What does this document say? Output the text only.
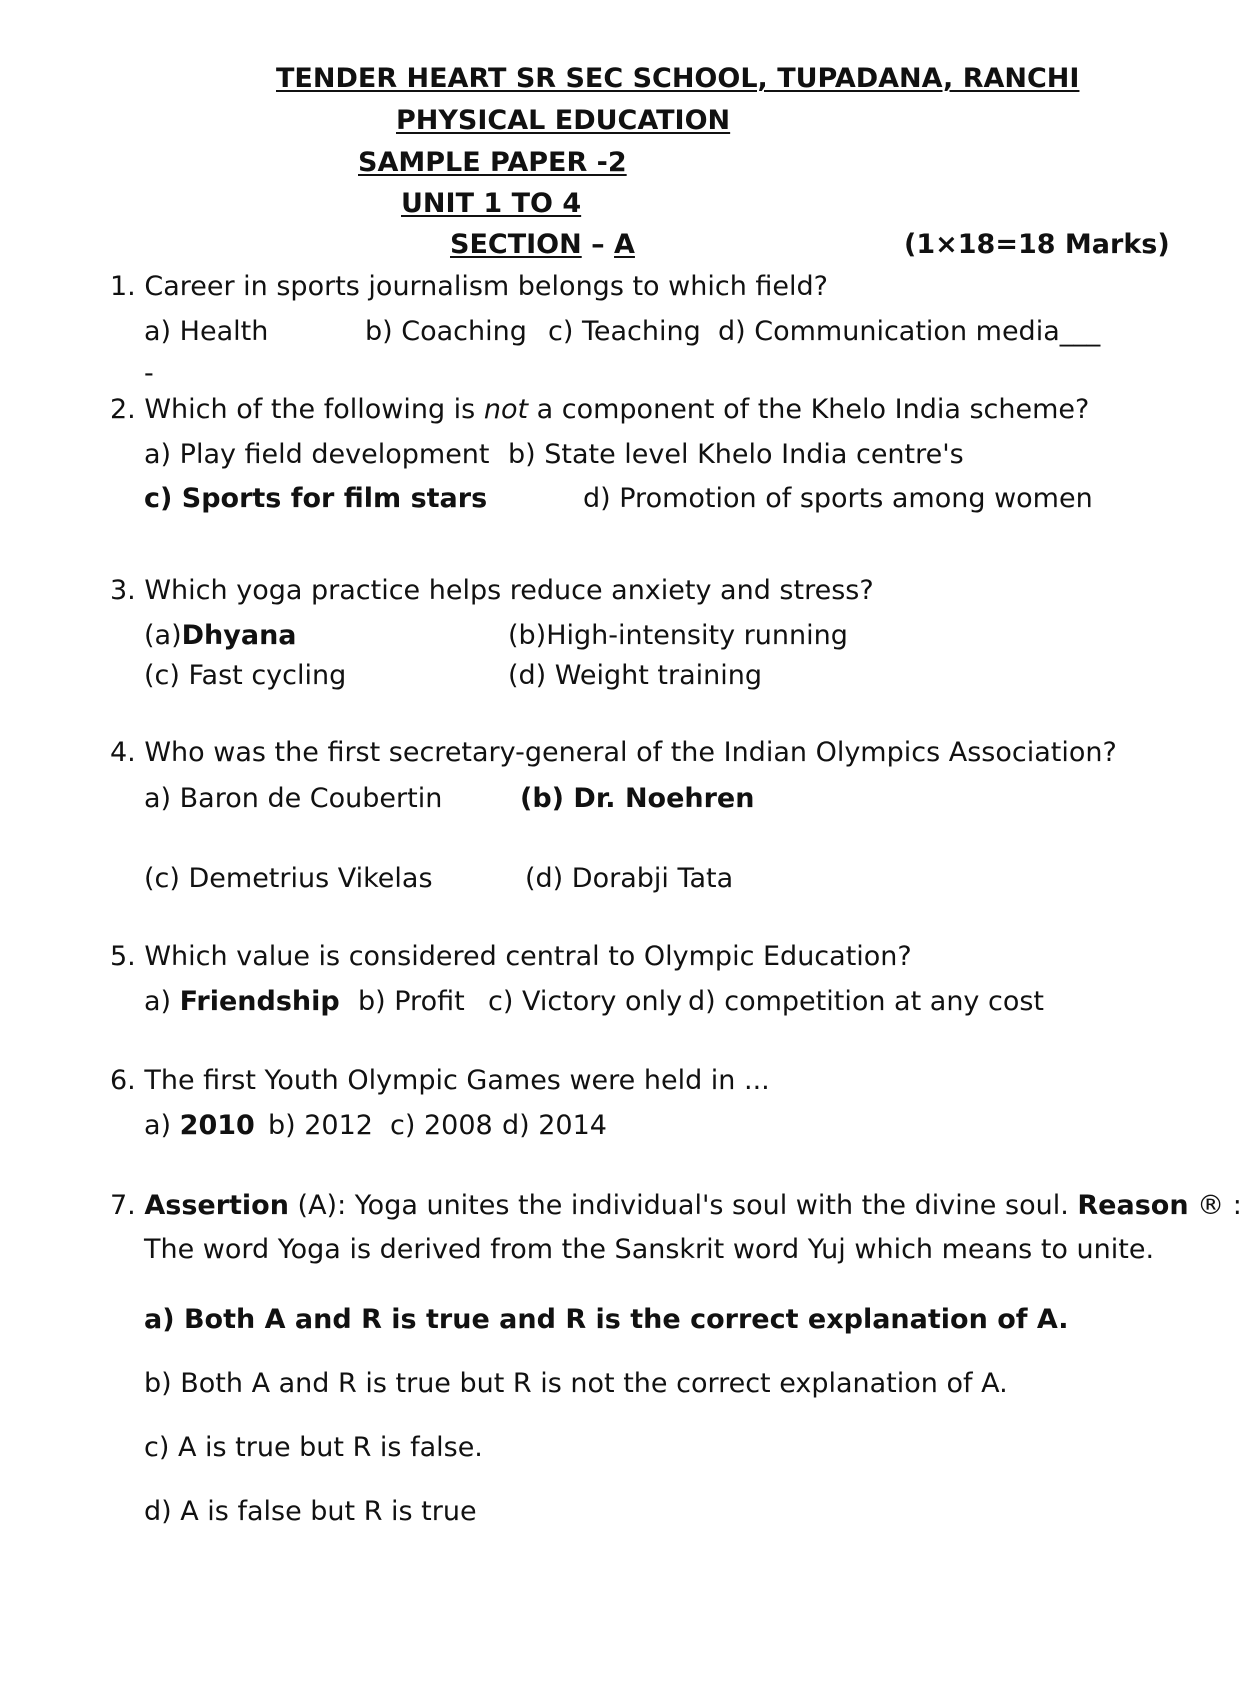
TENDER HEART SR SEC SCHOOL, TUPADANA, RANCHI
PHYSICAL EDUCATION
SAMPLE PAPER -2
UNIT 1 TO 4
SECTION – A	(1×18=18 Marks)
1. Career in sports journalism belongs to which field?
a) Health	b) Coaching c) Teaching d) Communication media___
-
2. Which of the following is not a component of the Khelo India scheme?
a) Play field development b) State level Khelo India centre's
c) Sports for film stars	d) Promotion of sports among women
3. Which yoga practice helps reduce anxiety and stress?
(a)Dhyana	(b)High-intensity running
(c) Fast cycling	(d) Weight training
4. Who was the first secretary-general of the Indian Olympics Association?
a) Baron de Coubertin	(b) Dr. Noehren
(c) Demetrius Vikelas	(d) Dorabji Tata
5. Which value is considered central to Olympic Education?
a) Friendship b) Profit c) Victory only d) competition at any cost
6. The first Youth Olympic Games were held in ...
a) 2010 b) 2012 c) 2008 d) 2014
7. Assertion (A): Yoga unites the individual's soul with the divine soul. Reason ® :
The word Yoga is derived from the Sanskrit word Yuj which means to unite.
a) Both A and R is true and R is the correct explanation of A.
b) Both A and R is true but R is not the correct explanation of A.
c) A is true but R is false.
d) A is false but R is true
